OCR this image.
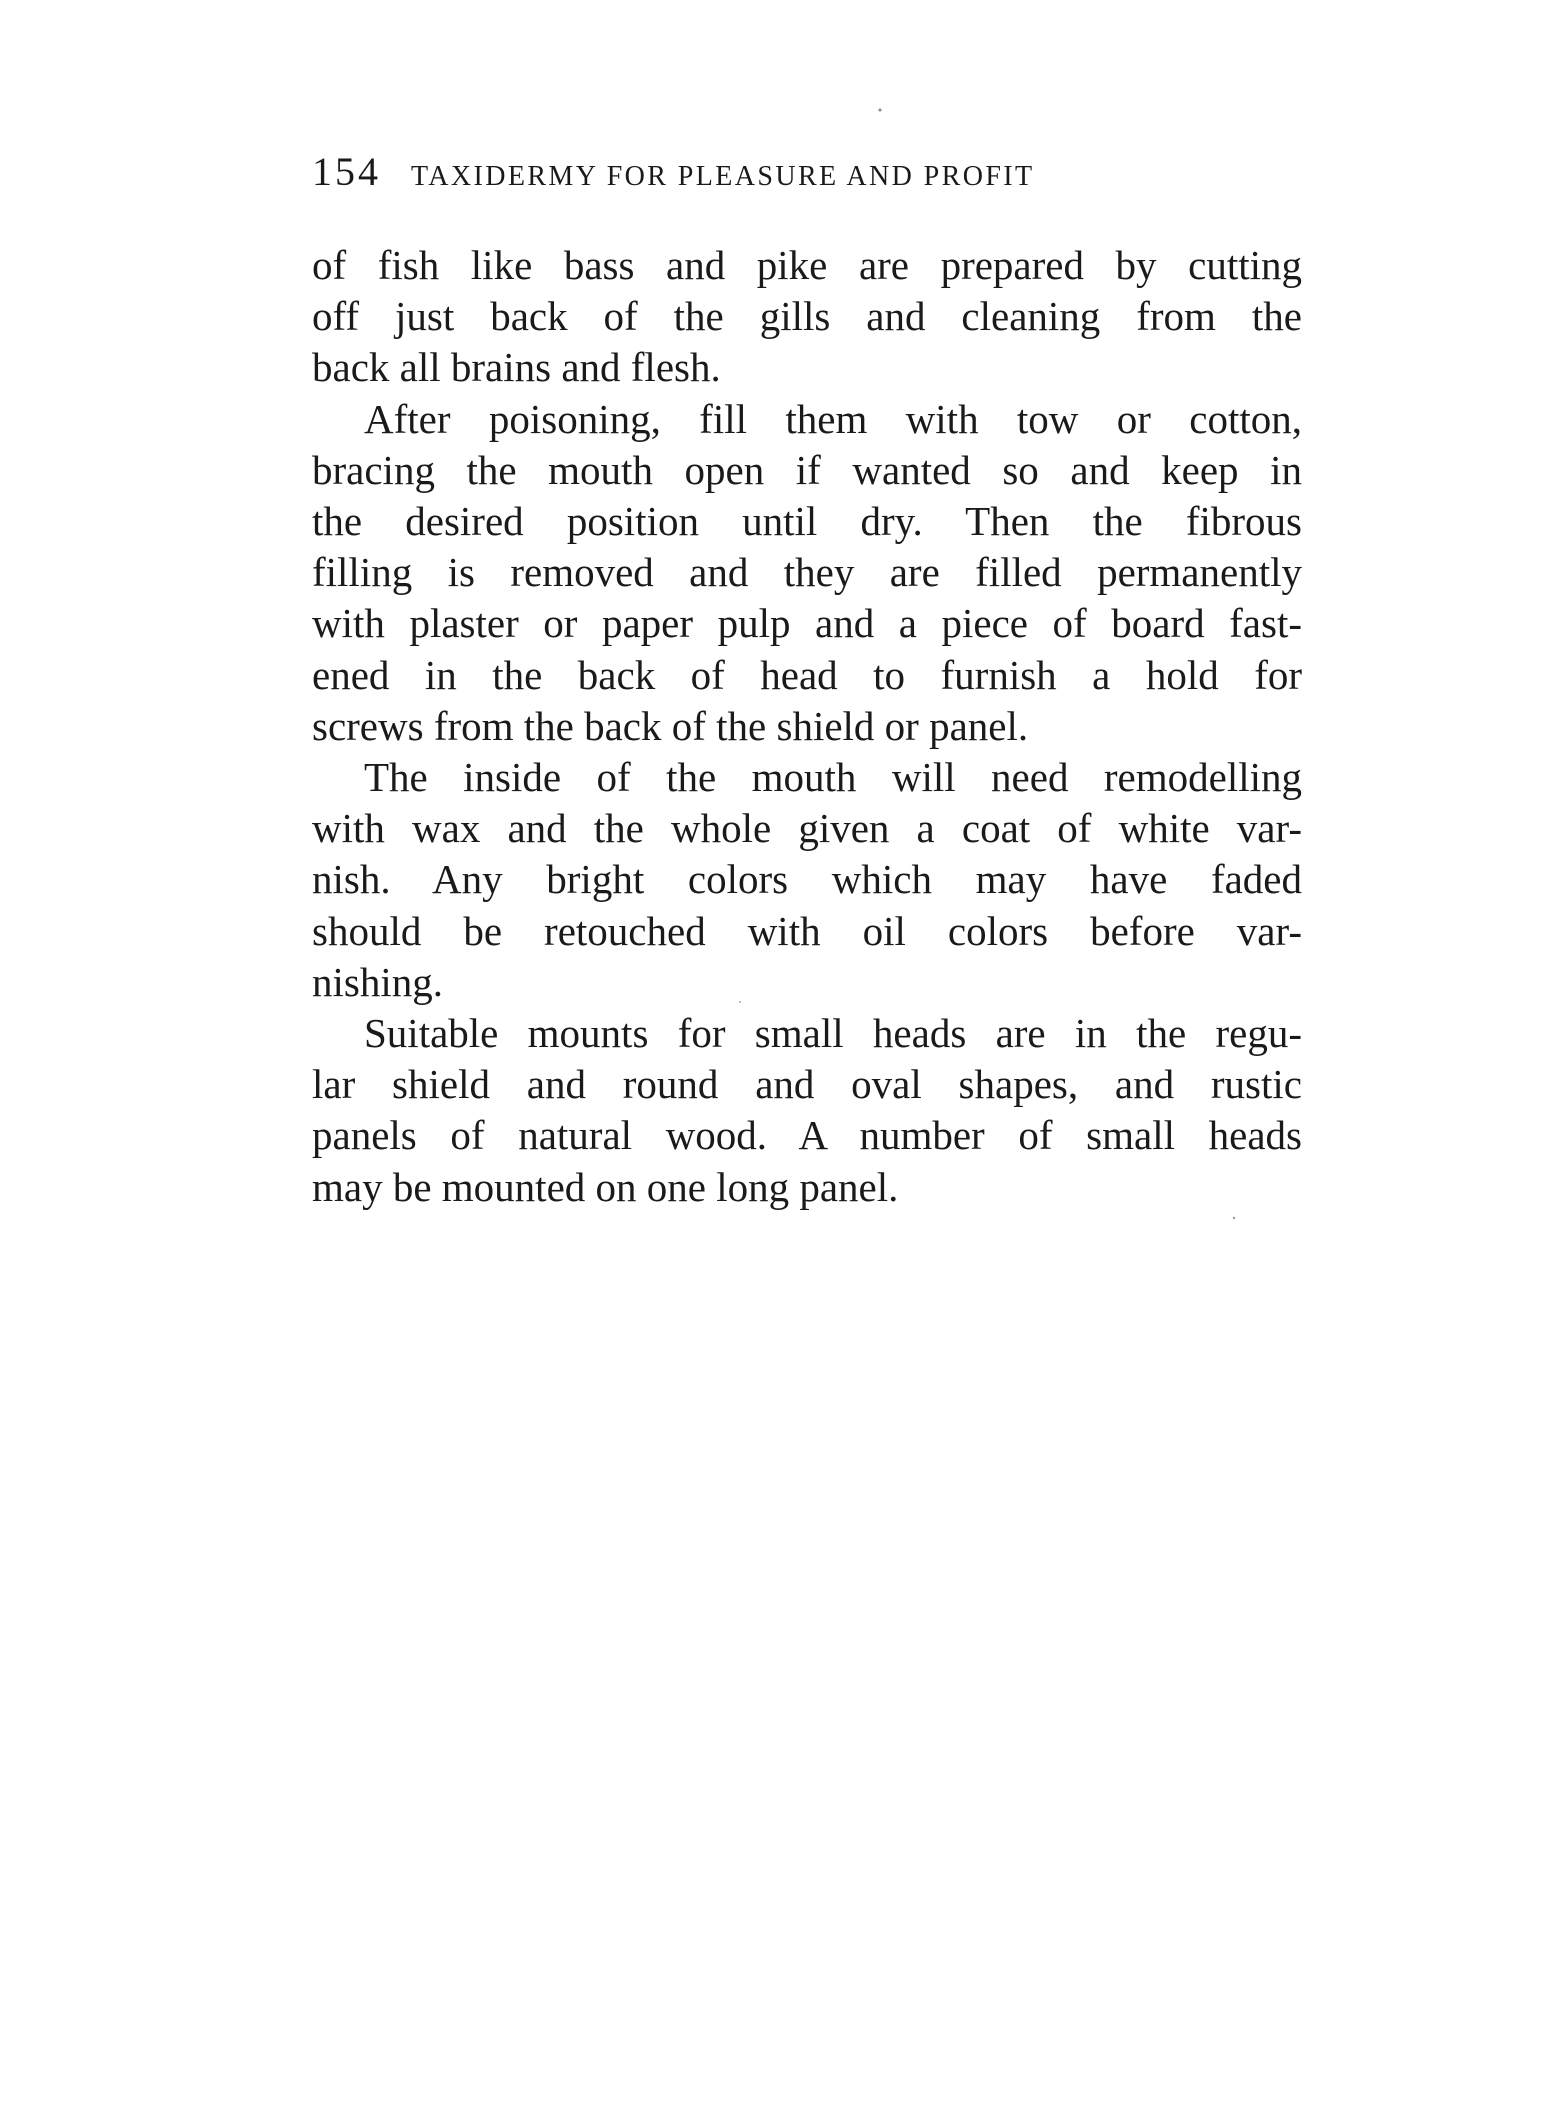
154 TAXIDERMY FOR PLEASURE AND PROFIT
of fish like bass and pike are prepared by cutting
off just back of the gills and cleaning from the
back all brains and flesh.
After poisoning, fill them with tow or cotton,
bracing the mouth open if wanted so and keep in
the desired position until dry. Then the fibrous
filling is removed and they are filled permanently
with plaster or paper pulp and a piece of board fast-
ened in the back of head to furnish a hold for
screws from the back of the shield or panel.
The inside of the mouth will need remodelling
with wax and the whole given a coat of white var-
nish. Any bright colors which may have faded
should be retouched with oil colors before var-
nishing.
Suitable mounts for small heads are in the regu-
lar shield and round and oval shapes, and rustic
panels of natural wood. A number of small heads
may be mounted on one long panel.
